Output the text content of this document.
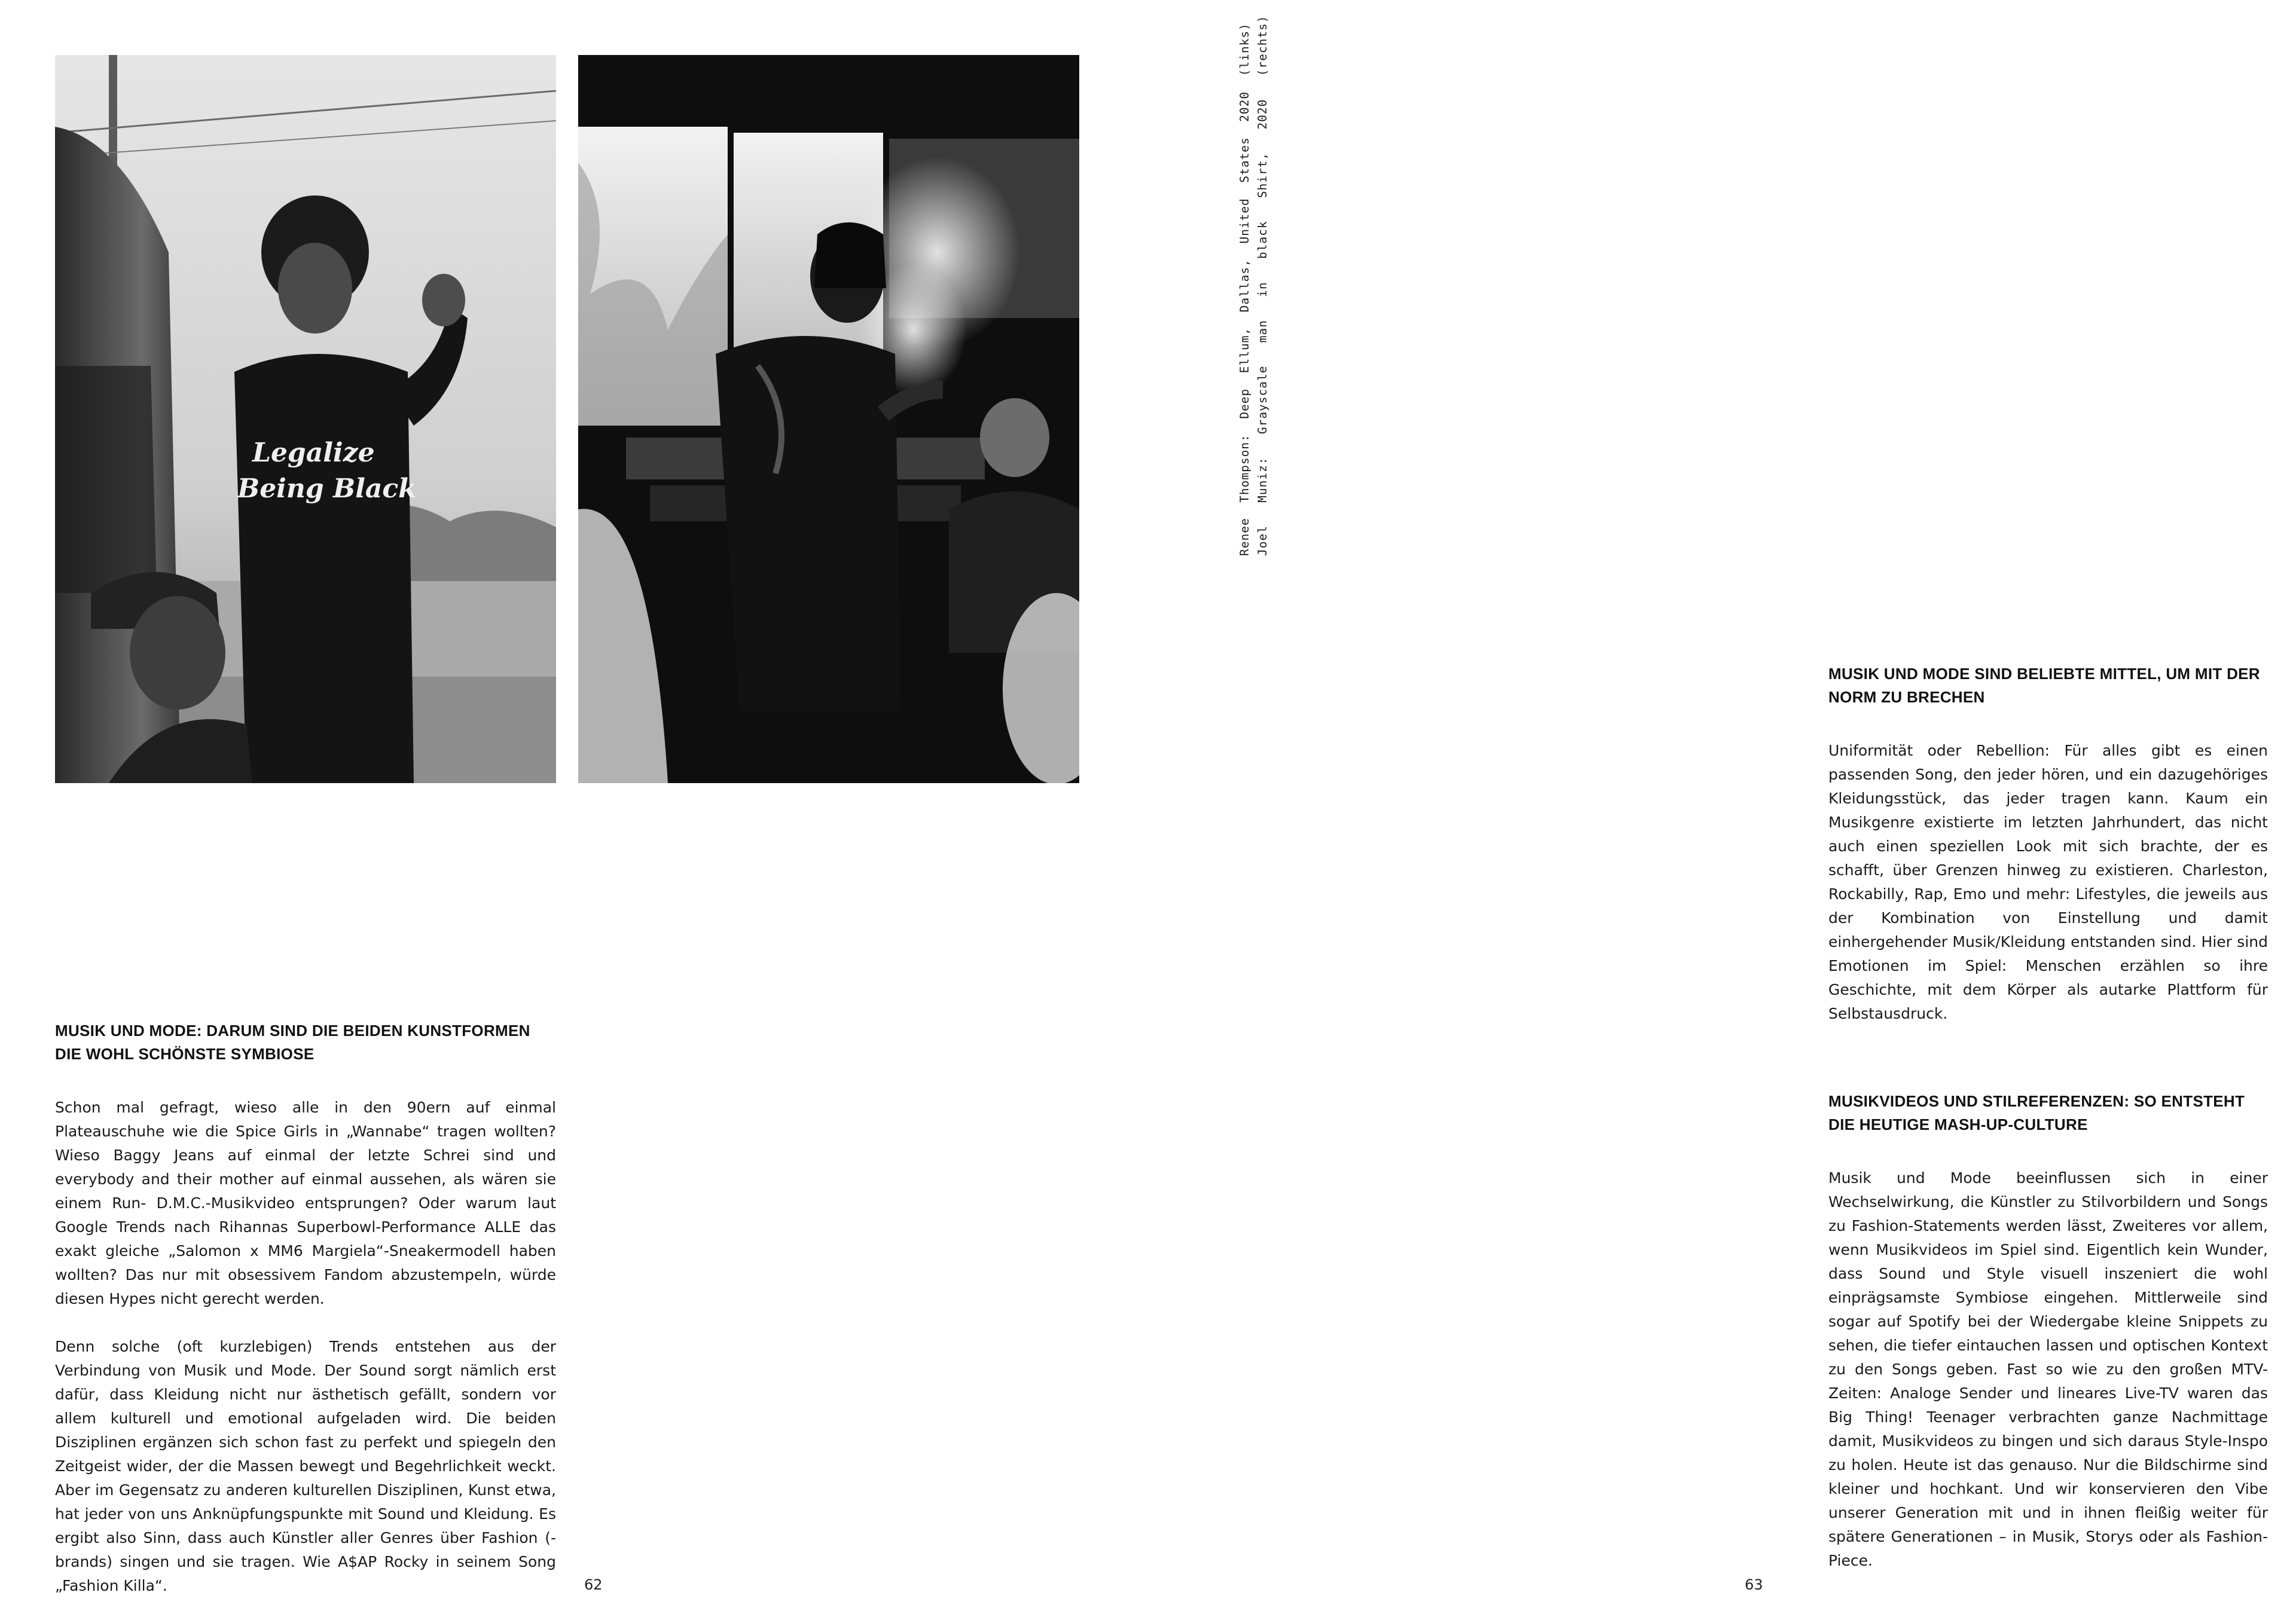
Legalize
Being Black	Renee  Thompson:  Deep  Ellum,  Dallas,  United  States  2020  (links) Joel   Muniz:   Grayscale   man   in   black   Shirt,   2020   (rechts)
MUSIK UND MODE: DARUM SIND DIE BEIDEN KUNSTFORMEN DIE WOHL SCHÖNSTE SYMBIOSE

Schon mal gefragt, wieso alle in den 90ern auf einmal Plateauschuhe wie die Spice Girls in „Wannabe“ tragen wollten? Wieso Baggy Jeans auf einmal der letzte Schrei sind und everybody and their mother auf einmal aussehen, als wären sie einem Run- D.M.C.-Musikvideo entsprungen? Oder warum laut Google Trends nach Rihannas Superbowl-Performance ALLE das exakt gleiche „Salomon x MM6 Margiela“-Sneakermodell haben wollten? Das nur mit obsessivem Fandom abzustempeln, würde diesen Hypes nicht gerecht werden.

Denn solche (oft kurzlebigen) Trends entstehen aus der Verbindung von Musik und Mode. Der Sound sorgt nämlich erst dafür, dass Kleidung nicht nur ästhetisch gefällt, sondern vor allem kulturell und emotional aufgeladen wird. Die beiden Disziplinen ergänzen sich schon fast zu perfekt und spiegeln den Zeitgeist wider, der die Massen bewegt und Begehrlichkeit weckt. Aber im Gegensatz zu anderen kulturellen Disziplinen, Kunst etwa, hat jeder von uns Anknüpfungspunkte mit Sound und Kleidung. Es ergibt also Sinn, dass auch Künstler aller Genres über Fashion (-brands) singen und sie tragen. Wie A$AP Rocky in seinem Song „Fashion Killa“.

MUSIK UND MODE SIND BELIEBTE MITTEL, UM MIT DER NORM ZU BRECHEN

Uniformität oder Rebellion: Für alles gibt es einen passenden Song, den jeder hören, und ein dazugehöriges Kleidungsstück, das jeder tragen kann. Kaum ein Musikgenre existierte im letzten Jahrhundert, das nicht auch einen speziellen Look mit sich brachte, der es schafft, über Grenzen hinweg zu existieren. Charleston, Rockabilly, Rap, Emo und mehr: Lifestyles, die jeweils aus der Kombination von Einstellung und damit einhergehender Musik/Kleidung entstanden sind. Hier sind Emotionen im Spiel: Menschen erzählen so ihre Geschichte, mit dem Körper als autarke Plattform für Selbstausdruck.

MUSIKVIDEOS UND STILREFERENZEN: SO ENTSTEHT DIE HEUTIGE MASH-UP-CULTURE

Musik und Mode beeinflussen sich in einer Wechselwirkung, die Künstler zu Stilvorbildern und Songs zu Fashion-Statements werden lässt, Zweiteres vor allem, wenn Musikvideos im Spiel sind. Eigentlich kein Wunder, dass Sound und Style visuell inszeniert die wohl einprägsamste Symbiose eingehen. Mittlerweile sind sogar auf Spotify bei der Wiedergabe kleine Snippets zu sehen, die tiefer eintauchen lassen und optischen Kontext zu den Songs geben. Fast so wie zu den großen MTV-Zeiten: Analoge Sender und lineares Live-TV waren das Big Thing! Teenager verbrachten ganze Nachmittage damit, Musikvideos zu bingen und sich daraus Style-Inspo zu holen. Heute ist das genauso. Nur die Bildschirme sind kleiner und hochkant. Und wir konservieren den Vibe unserer Generation mit und in ihnen fleißig weiter für spätere Generationen – in Musik, Storys oder als Fashion-Piece.

62	63
